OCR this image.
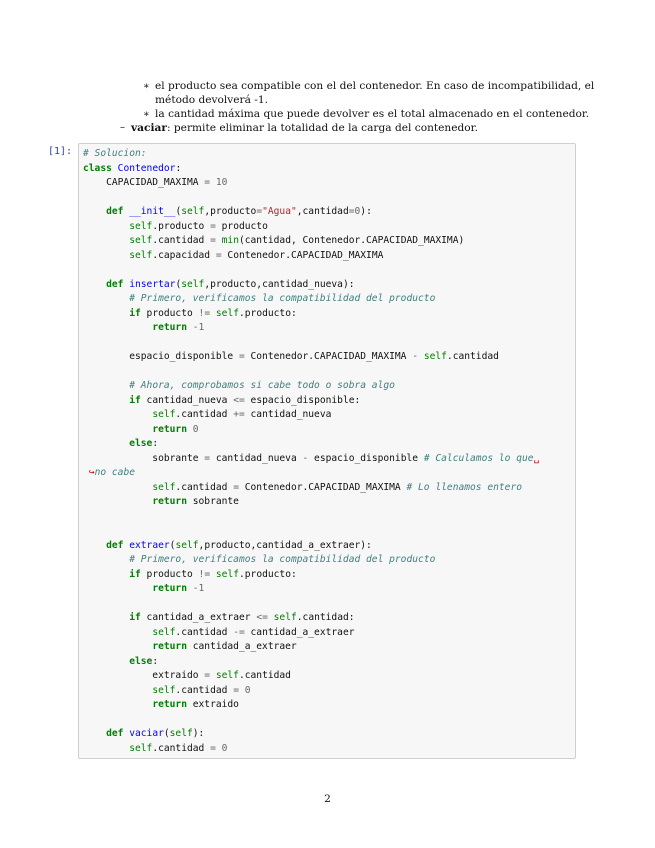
∗ el producto sea compatible con el del contenedor. En caso de incompatibilidad, el
método devolverá -1.
∗ la cantidad máxima que puede devolver es el total almacenado en el contenedor.
– vaciar: permite eliminar la totalidad de la carga del contenedor.
[1]: # Solucion:
class Contenedor:
CAPACIDAD_MAXIMA = 10

def __init__(self,producto="Agua",cantidad=0):
self.producto = producto
self.cantidad = min(cantidad, Contenedor.CAPACIDAD_MAXIMA)
self.capacidad = Contenedor.CAPACIDAD_MAXIMA

def insertar(self,producto,cantidad_nueva):
# Primero, verificamos la compatibilidad del producto
if producto != self.producto:
return -1

espacio_disponible = Contenedor.CAPACIDAD_MAXIMA - self.cantidad

# Ahora, comprobamos si cabe todo o sobra algo
if cantidad_nueva <= espacio_disponible:
self.cantidad += cantidad_nueva
return 0
else:
sobrante = cantidad_nueva - espacio_disponible # Calculamos lo que␣
↪no cabe
self.cantidad = Contenedor.CAPACIDAD_MAXIMA # Lo llenamos entero
return sobrante

def extraer(self,producto,cantidad_a_extraer):
# Primero, verificamos la compatibilidad del producto
if producto != self.producto:
return -1

if cantidad_a_extraer <= self.cantidad:
self.cantidad -= cantidad_a_extraer
return cantidad_a_extraer
else:
extraido = self.cantidad
self.cantidad = 0
return extraido

def vaciar(self):
self.cantidad = 0
2
